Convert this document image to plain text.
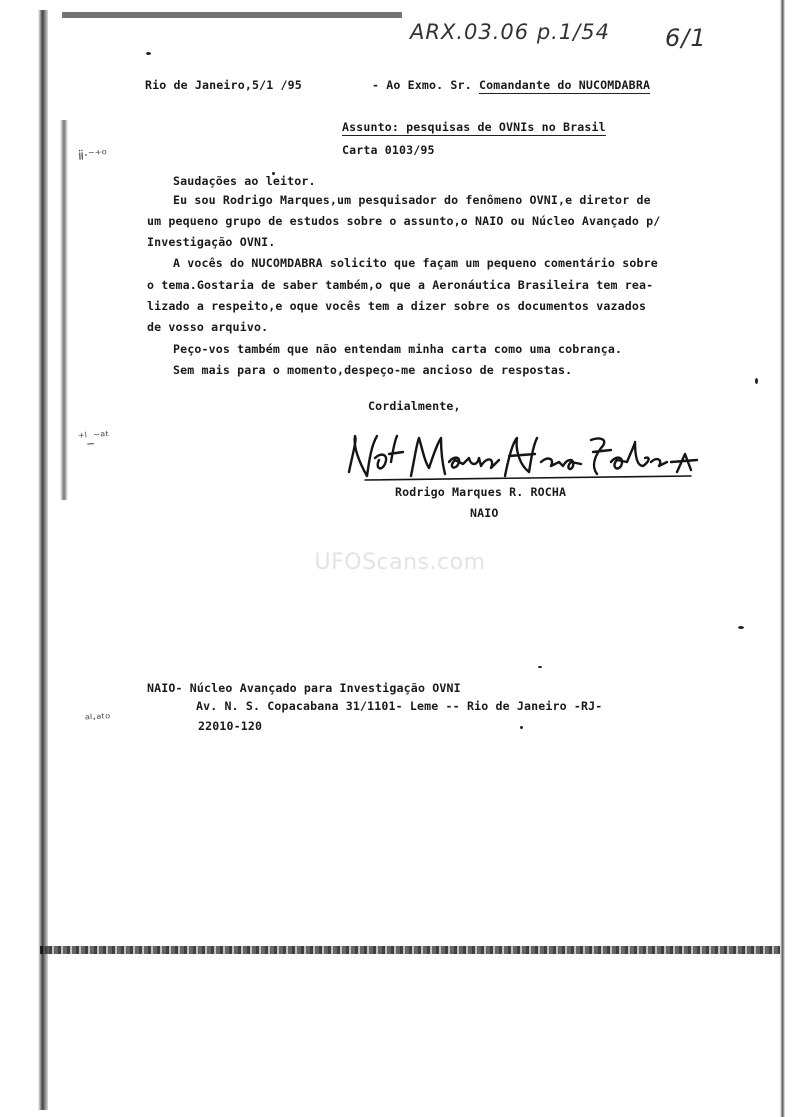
ⅱ·⁻⁺ᵒ
⁺ˡ_⁻ᵃᵗ
ᵃˡ·ᵃᵗᵒ
ARX.03.06 p.1/54 6/1
Rio de Janeiro,5/1 /95	- Ao Exmo. Sr. Comandante do NUCOMDABRA
Assunto: pesquisas de OVNIs no Brasil
Carta 0103/95
Saudações ao leitor.
Eu sou Rodrigo Marques,um pesquisador do fenômeno OVNI,e diretor de
um pequeno grupo de estudos sobre o assunto,o NAIO ou Núcleo Avançado p/
Investigação OVNI.
A vocês do NUCOMDABRA solicito que façam um pequeno comentário sobre
o tema.Gostaria de saber também,o que a Aeronáutica Brasileira tem rea-
lizado a respeito,e oque vocês tem a dizer sobre os documentos vazados
de vosso arquivo.
Peço-vos também que não entendam minha carta como uma cobrança.
Sem mais para o momento,despeço-me ancioso de respostas.
Cordialmente,
Rodrigo Marques R. ROCHA
NAIO
UFOScans.com
NAIO- Núcleo Avançado para Investigação OVNI
Av. N. S. Copacabana 31/1101- Leme -- Rio de Janeiro -RJ-
22010-120
